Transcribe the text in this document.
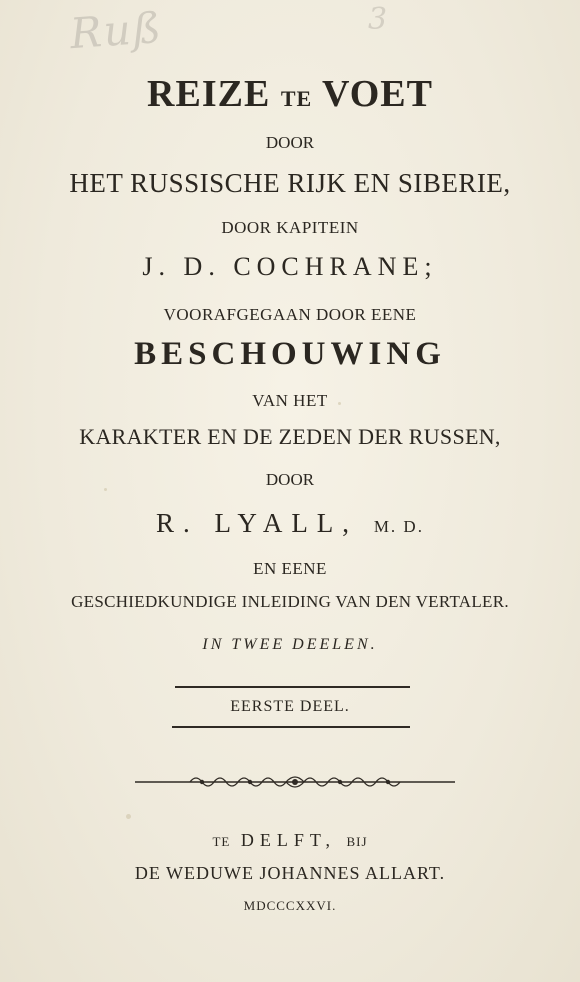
Ruß	3
REIZE TE VOET
DOOR
HET RUSSISCHE RIJK EN SIBERIE,
DOOR KAPITEIN
J. D. COCHRANE;
VOORAFGEGAAN DOOR EENE
BESCHOUWING
VAN HET
KARAKTER EN DE ZEDEN DER RUSSEN,
DOOR
R. LYALL, M. D.
EN EENE
GESCHIEDKUNDIGE INLEIDING VAN DEN VERTALER.
IN TWEE DEELEN.
EERSTE DEEL.
TE DELFT, BIJ
DE WEDUWE JOHANNES ALLART.
MDCCCXXVI.
